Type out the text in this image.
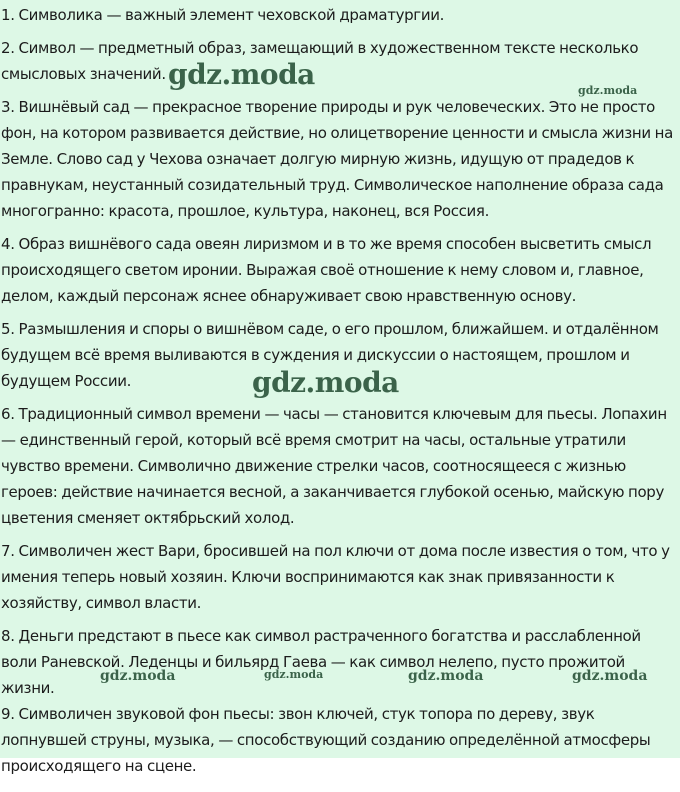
1. Символика — важный элемент чеховской драматургии.

2. Символ — предметный образ, замещающий в художественном тексте несколько смысловых значений.

3. Вишнёвый сад — прекрасное творение природы и рук человеческих. Это не просто фон, на котором развивается действие, но олицетворение ценности и смысла жизни на Земле. Слово сад у Чехова означает долгую мирную жизнь, идущую от прадедов к правнукам, неустанный созидательный труд. Символическое наполнение образа сада многогранно: красота, прошлое, культура, наконец, вся Россия.

4. Образ вишнёвого сада овеян лиризмом и в то же время способен высветить смысл происходящего светом иронии. Выражая своё отношение к нему словом и, главное, делом, каждый персонаж яснее обнаруживает свою нравственную основу.

5. Размышления и споры о вишнёвом саде, о его прошлом, ближайшем. и отдалённом будущем всё время выливаются в суждения и дискуссии о настоящем, прошлом и будущем России.

6. Традиционный символ времени — часы — становится ключевым для пьесы. Лопахин — единственный герой, который всё время смотрит на часы, остальные утратили чувство времени. Символично движение стрелки часов, соотносящееся с жизнью героев: действие начинается весной, а заканчивается глубокой осенью, майскую пору цветения сменяет октябрьский холод.

7. Символичен жест Вари, бросившей на пол ключи от дома после известия о том, что у имения теперь новый хозяин. Ключи воспринимаются как знак привязанности к хозяйству, символ власти.

8. Деньги предстают в пьесе как символ растраченного богатства и расслабленной воли Раневской. Леденцы и бильярд Гаева — как символ нелепо, пусто прожитой жизни.

9. Символичен звуковой фон пьесы: звон ключей, стук топора по дереву, звук лопнувшей струны, музыка, — способствующий созданию определённой атмосферы происходящего на сцене.

gdz.moda	gdz.moda
gdz.moda
gdz.moda	gdz.moda	gdz.moda	gdz.moda
